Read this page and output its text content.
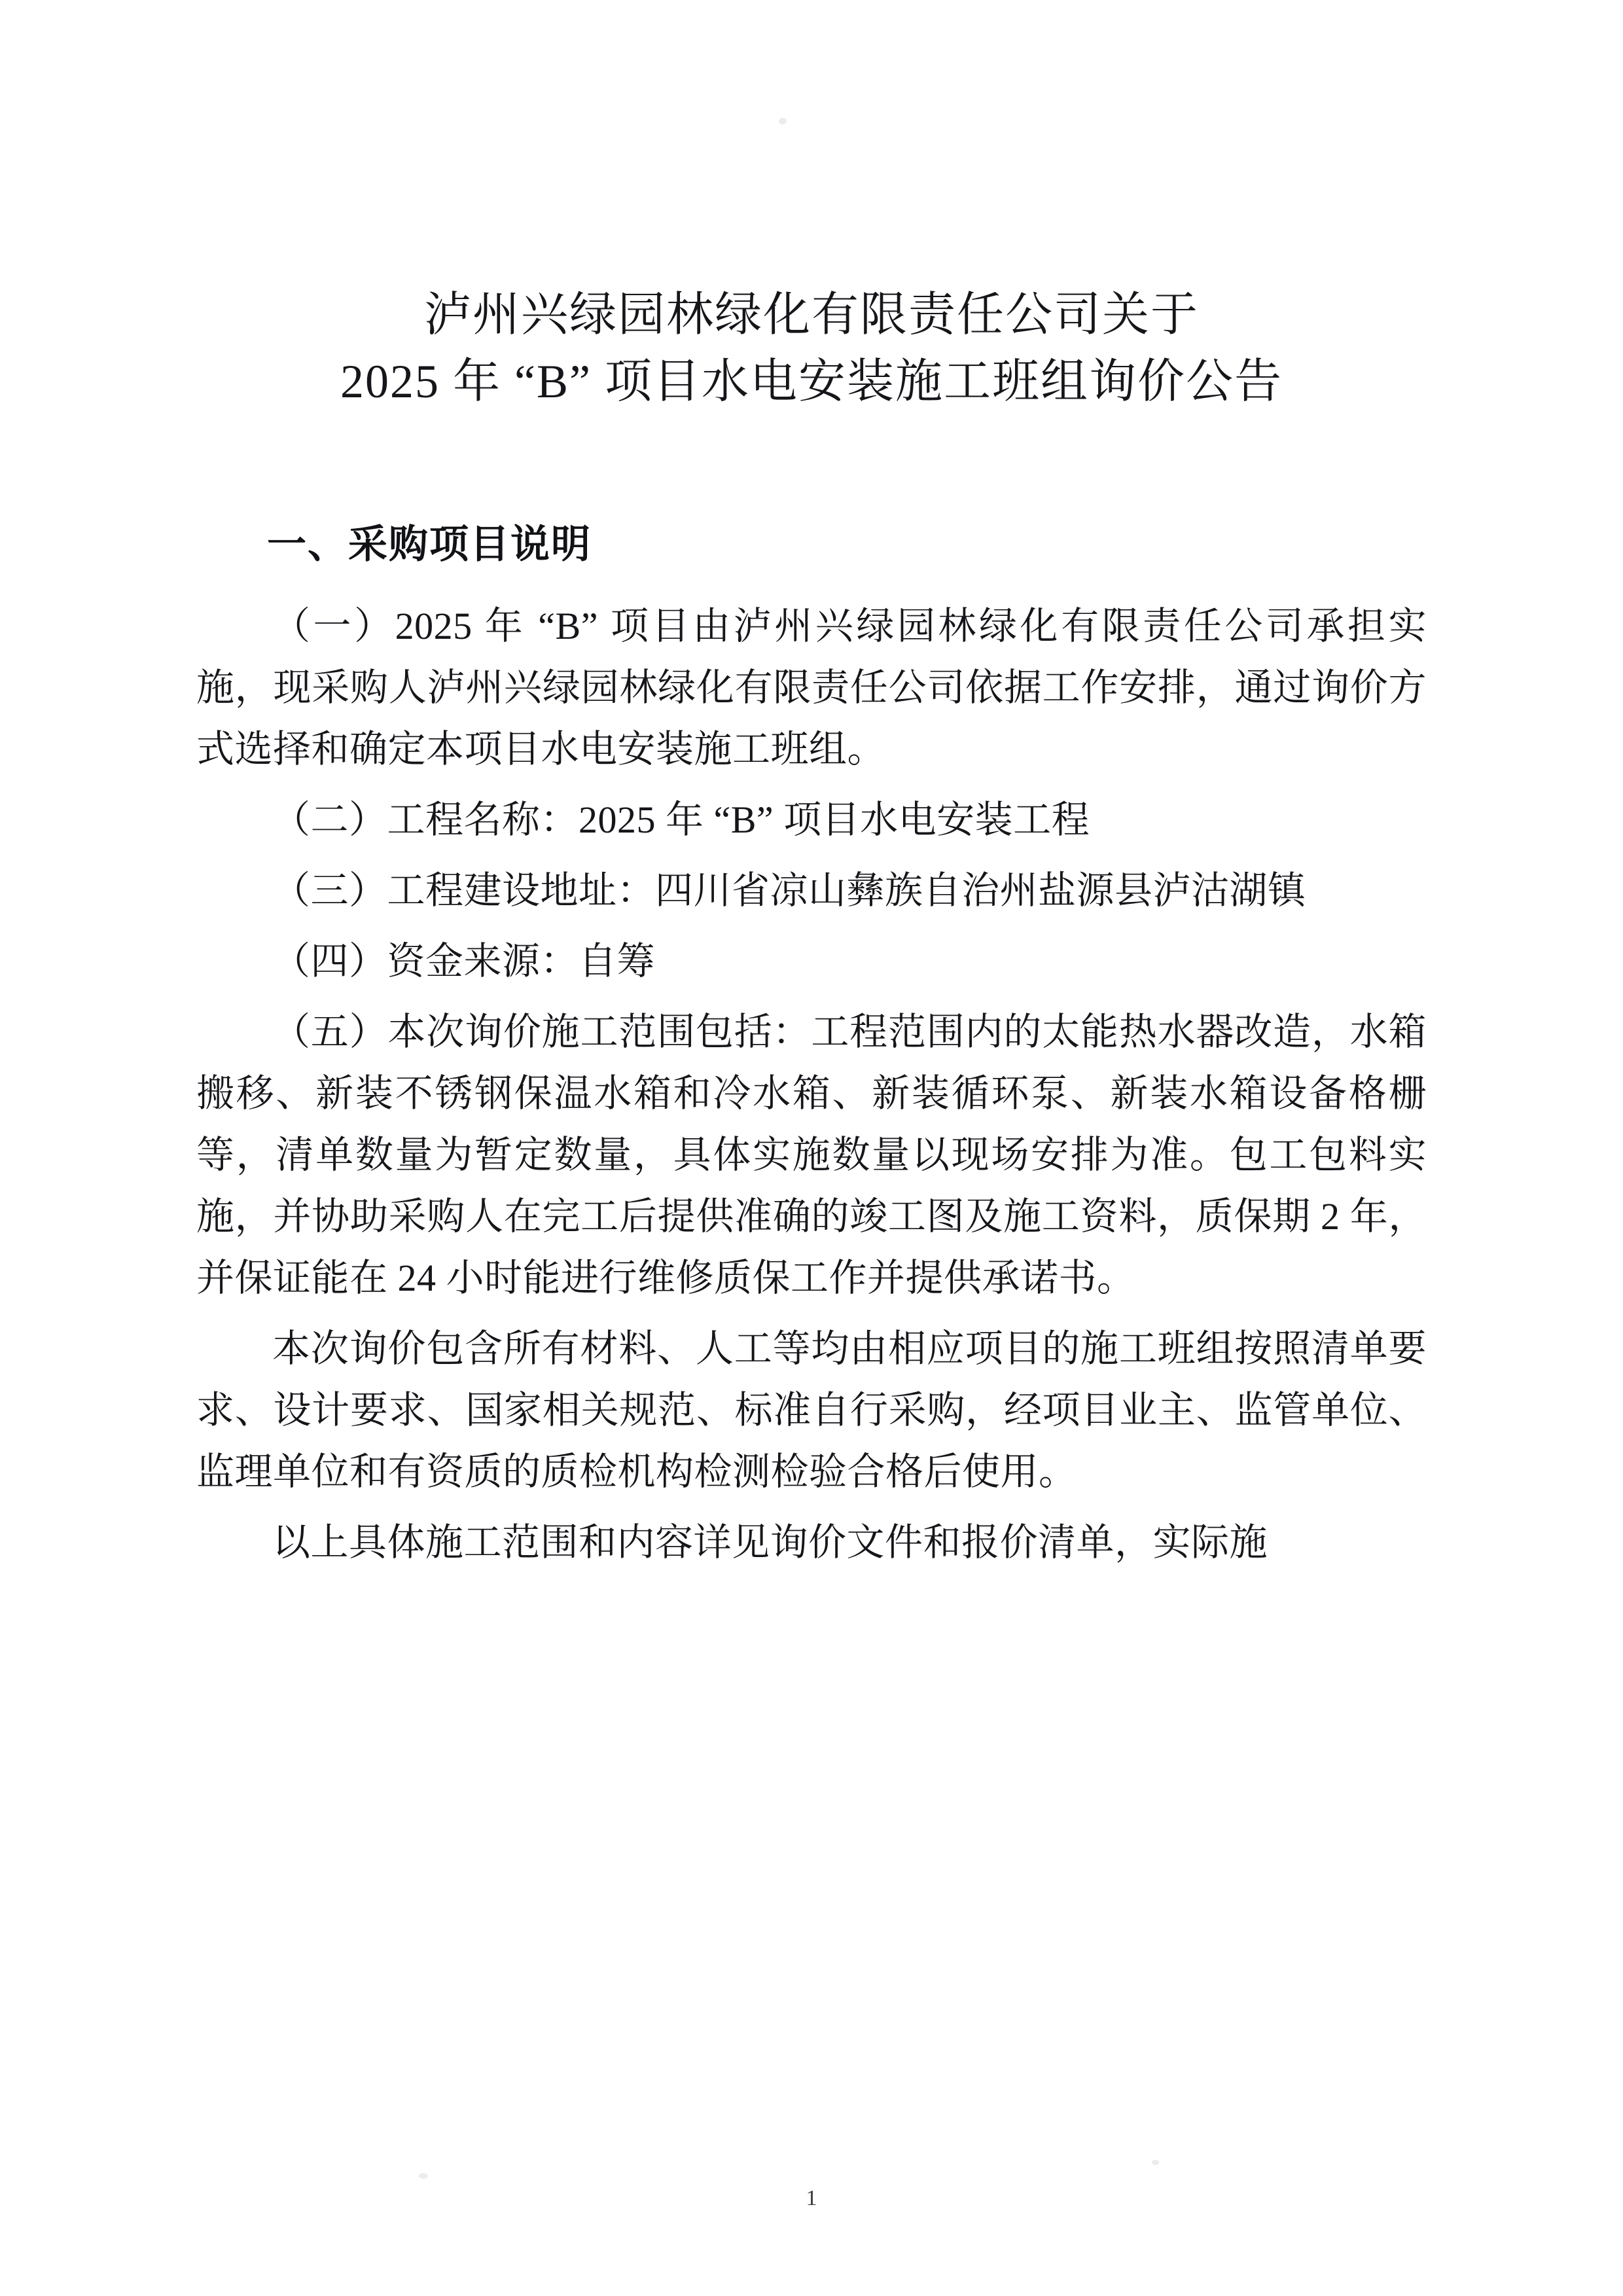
泸州兴绿园林绿化有限责任公司关于
2025 年 “B” 项目水电安装施工班组询价公告
一、采购项目说明

（一）2025 年 “B” 项目由泸州兴绿园林绿化有限责任公司承担实施，现采购人泸州兴绿园林绿化有限责任公司依据工作安排，通过询价方式选择和确定本项目水电安装施工班组。

（二）工程名称：2025 年 “B” 项目水电安装工程

（三）工程建设地址：四川省凉山彝族自治州盐源县泸沽湖镇

（四）资金来源：自筹

（五）本次询价施工范围包括：工程范围内的太能热水器改造，水箱搬移、新装不锈钢保温水箱和冷水箱、新装循环泵、新装水箱设备格栅等，清单数量为暂定数量，具体实施数量以现场安排为准。包工包料实施，并协助采购人在完工后提供准确的竣工图及施工资料，质保期 2 年，并保证能在 24 小时能进行维修质保工作并提供承诺书。

本次询价包含所有材料、人工等均由相应项目的施工班组按照清单要求、设计要求、国家相关规范、标准自行采购，经项目业主、监管单位、监理单位和有资质的质检机构检测检验合格后使用。

以上具体施工范围和内容详见询价文件和报价清单，实际施

1
